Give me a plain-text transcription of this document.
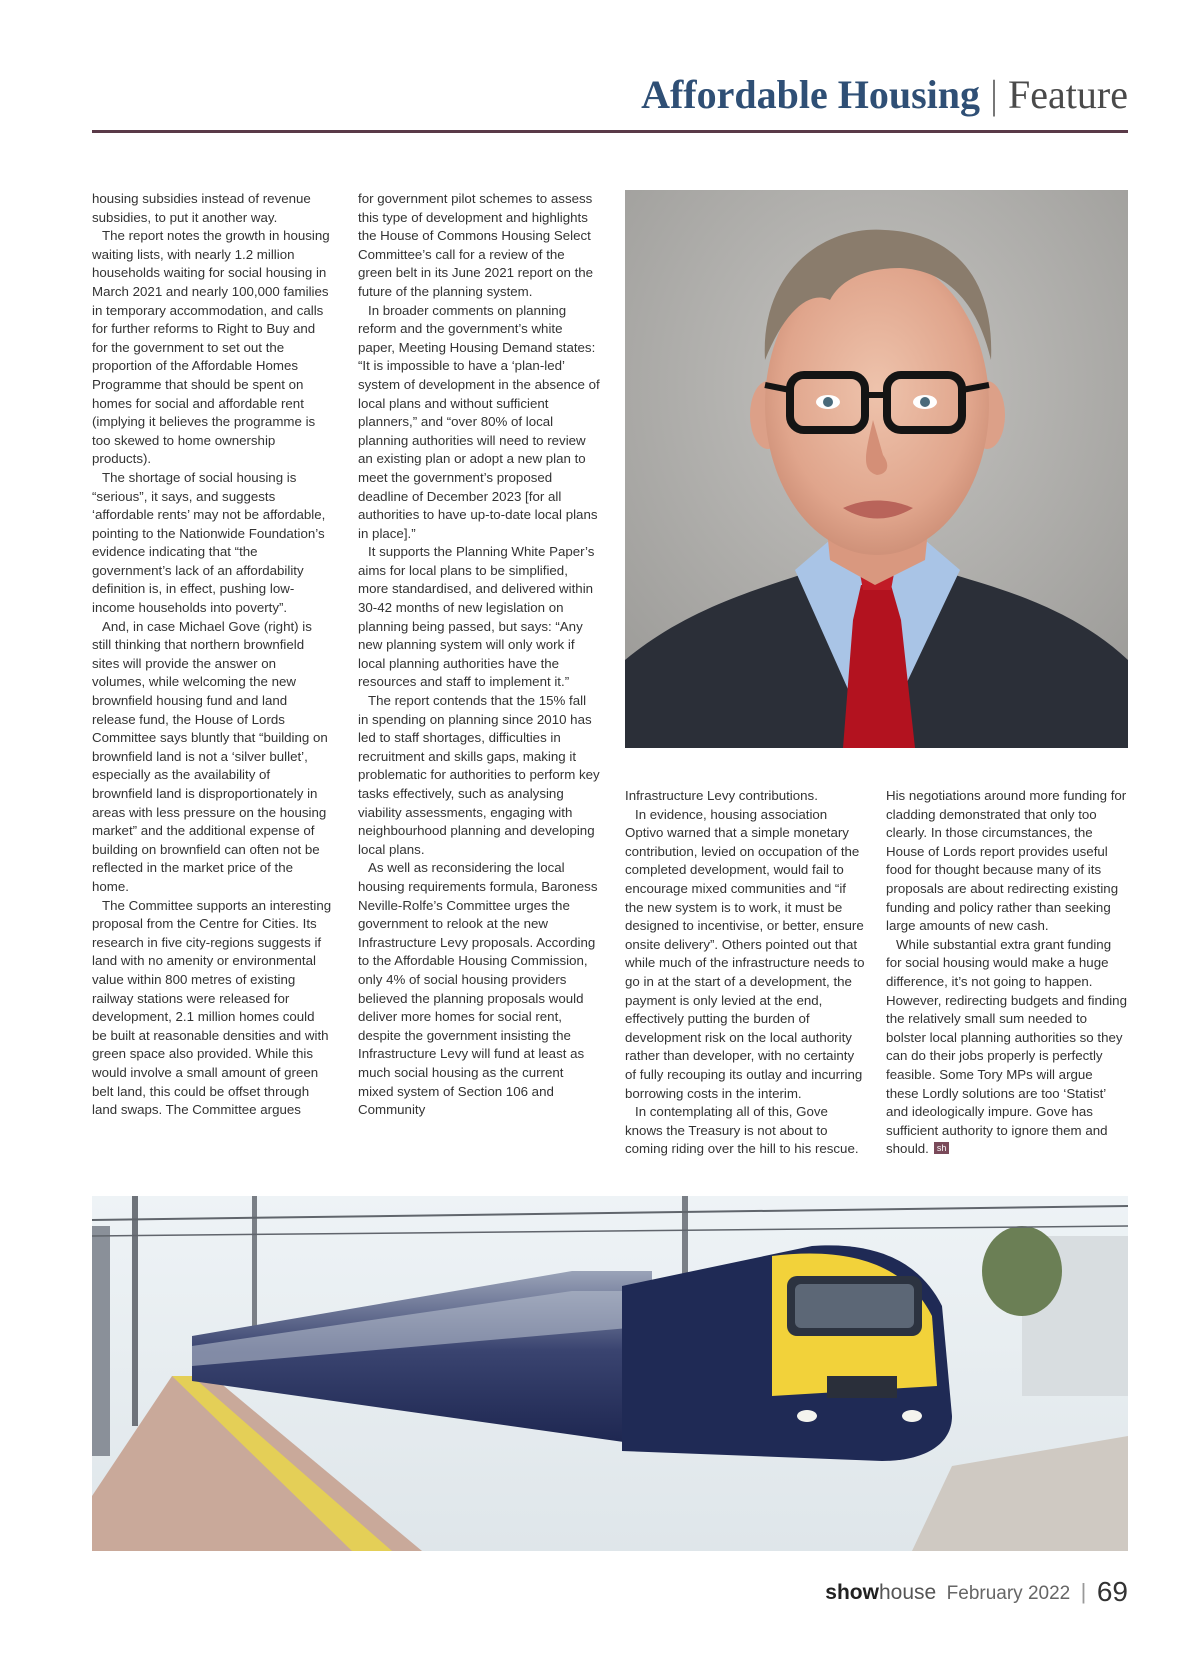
Affordable Housing | Feature

housing subsidies instead of revenue subsidies, to put it another way.

The report notes the growth in housing waiting lists, with nearly 1.2 million households waiting for social housing in March 2021 and nearly 100,000 families in temporary accommodation, and calls for further reforms to Right to Buy and for the government to set out the proportion of the Affordable Homes Programme that should be spent on homes for social and affordable rent (implying it believes the programme is too skewed to home ownership products).

The shortage of social housing is “serious”, it says, and suggests ‘affordable rents’ may not be affordable, pointing to the Nationwide Foundation’s evidence indicating that “the government’s lack of an affordability definition is, in effect, pushing low-income households into poverty”.

And, in case Michael Gove (right) is still thinking that northern brownfield sites will provide the answer on volumes, while welcoming the new brownfield housing fund and land release fund, the House of Lords Committee says bluntly that “building on brownfield land is not a ‘silver bullet’, especially as the availability of brownfield land is disproportionately in areas with less pressure on the housing market” and the additional expense of building on brownfield can often not be reflected in the market price of the home.

The Committee supports an interesting proposal from the Centre for Cities. Its research in five city-regions suggests if land with no amenity or environmental value within 800 metres of existing railway stations were released for development, 2.1 million homes could be built at reasonable densities and with green space also provided. While this would involve a small amount of green belt land, this could be offset through land swaps. The Committee argues

for government pilot schemes to assess this type of development and highlights the House of Commons Housing Select Committee’s call for a review of the green belt in its June 2021 report on the future of the planning system.

In broader comments on planning reform and the government’s white paper, Meeting Housing Demand states: “It is impossible to have a ‘plan-led’ system of development in the absence of local plans and without sufficient planners,” and “over 80% of local planning authorities will need to review an existing plan or adopt a new plan to meet the government’s proposed deadline of December 2023 [for all authorities to have up-to-date local plans in place].”

It supports the Planning White Paper’s aims for local plans to be simplified, more standardised, and delivered within 30-42 months of new legislation on planning being passed, but says: “Any new planning system will only work if local planning authorities have the resources and staff to implement it.”

The report contends that the 15% fall in spending on planning since 2010 has led to staff shortages, difficulties in recruitment and skills gaps, making it problematic for authorities to perform key tasks effectively, such as analysing viability assessments, engaging with neighbourhood planning and developing local plans.

As well as reconsidering the local housing requirements formula, Baroness Neville-Rolfe’s Committee urges the government to relook at the new Infrastructure Levy proposals. According to the Affordable Housing Commission, only 4% of social housing providers believed the planning proposals would deliver more homes for social rent, despite the government insisting the Infrastructure Levy will fund at least as much social housing as the current mixed system of Section 106 and Community

Infrastructure Levy contributions.

In evidence, housing association Optivo warned that a simple monetary contribution, levied on occupation of the completed development, would fail to encourage mixed communities and “if the new system is to work, it must be designed to incentivise, or better, ensure onsite delivery”. Others pointed out that while much of the infrastructure needs to go in at the start of a development, the payment is only levied at the end, effectively putting the burden of development risk on the local authority rather than developer, with no certainty of fully recouping its outlay and incurring borrowing costs in the interim.

In contemplating all of this, Gove knows the Treasury is not about to coming riding over the hill to his rescue.

His negotiations around more funding for cladding demonstrated that only too clearly. In those circumstances, the House of Lords report provides useful food for thought because many of its proposals are about redirecting existing funding and policy rather than seeking large amounts of new cash.

While substantial extra grant funding for social housing would make a huge difference, it’s not going to happen. However, redirecting budgets and finding the relatively small sum needed to bolster local planning authorities so they can do their jobs properly is perfectly feasible. Some Tory MPs will argue these Lordly solutions are too ‘Statist’ and ideologically impure. Gove has sufficient authority to ignore them and should. sh

showhouse February 2022 | 69
